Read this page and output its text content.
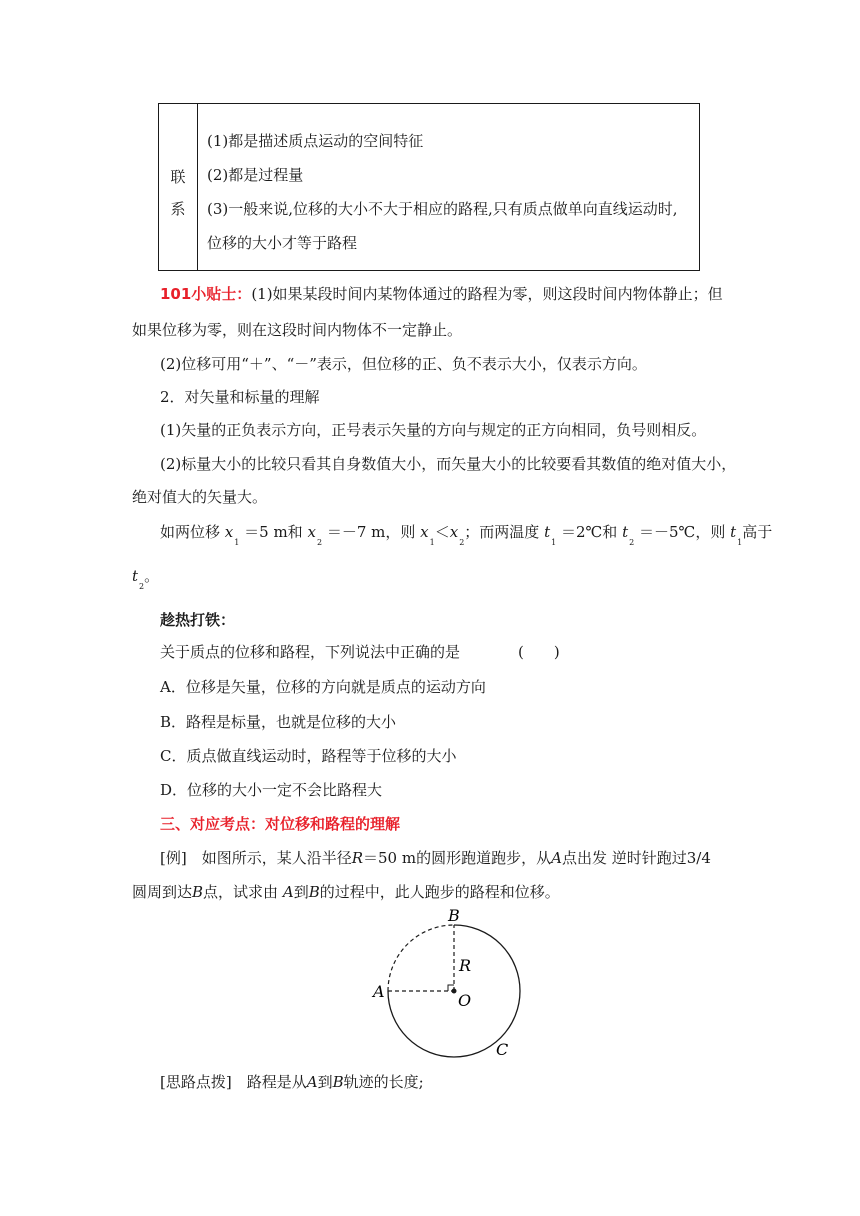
联
系
(1)都是描述质点运动的空间特征
(2)都是过程量
(3)一般来说,位移的大小不大于相应的路程,只有质点做单向直线运动时,
位移的大小才等于路程
101小贴士：(1)如果某段时间内某物体通过的路程为零，则这段时间内物体静止；但
如果位移为零，则在这段时间内物体不一定静止。
(2)位移可用“＋”、“－”表示，但位移的正、负不表示大小，仅表示方向。
2．对矢量和标量的理解
(1)矢量的正负表示方向，正号表示矢量的方向与规定的正方向相同，负号则相反。
(2)标量大小的比较只看其自身数值大小，而矢量大小的比较要看其数值的绝对值大小，
绝对值大的矢量大。
如两位移 $x_1 =5$ m和 $x_2 =-7$ m，则 $x_1<x_2$；而两温度 $t_1$ ＝2℃和 $t_2$ ＝－5℃，则 $t_1$高于
$t_2$。
趁热打铁：
关于质点的位移和路程，下列说法中正确的是	(　　)
A．位移是矢量，位移的方向就是质点的运动方向
B．路程是标量，也就是位移的大小
C．质点做直线运动时，路程等于位移的大小
D．位移的大小一定不会比路程大
三、对应考点：对位移和路程的理解
[例]　如图所示，某人沿半径R＝50 m的圆形跑道跑步，从A点出发 逆时针跑过3/4
圆周到达B点，试求由 A到B的过程中，此人跑步的路程和位移。
B
R
A	O
C
[思路点拨]　路程是从A到B轨迹的长度;
